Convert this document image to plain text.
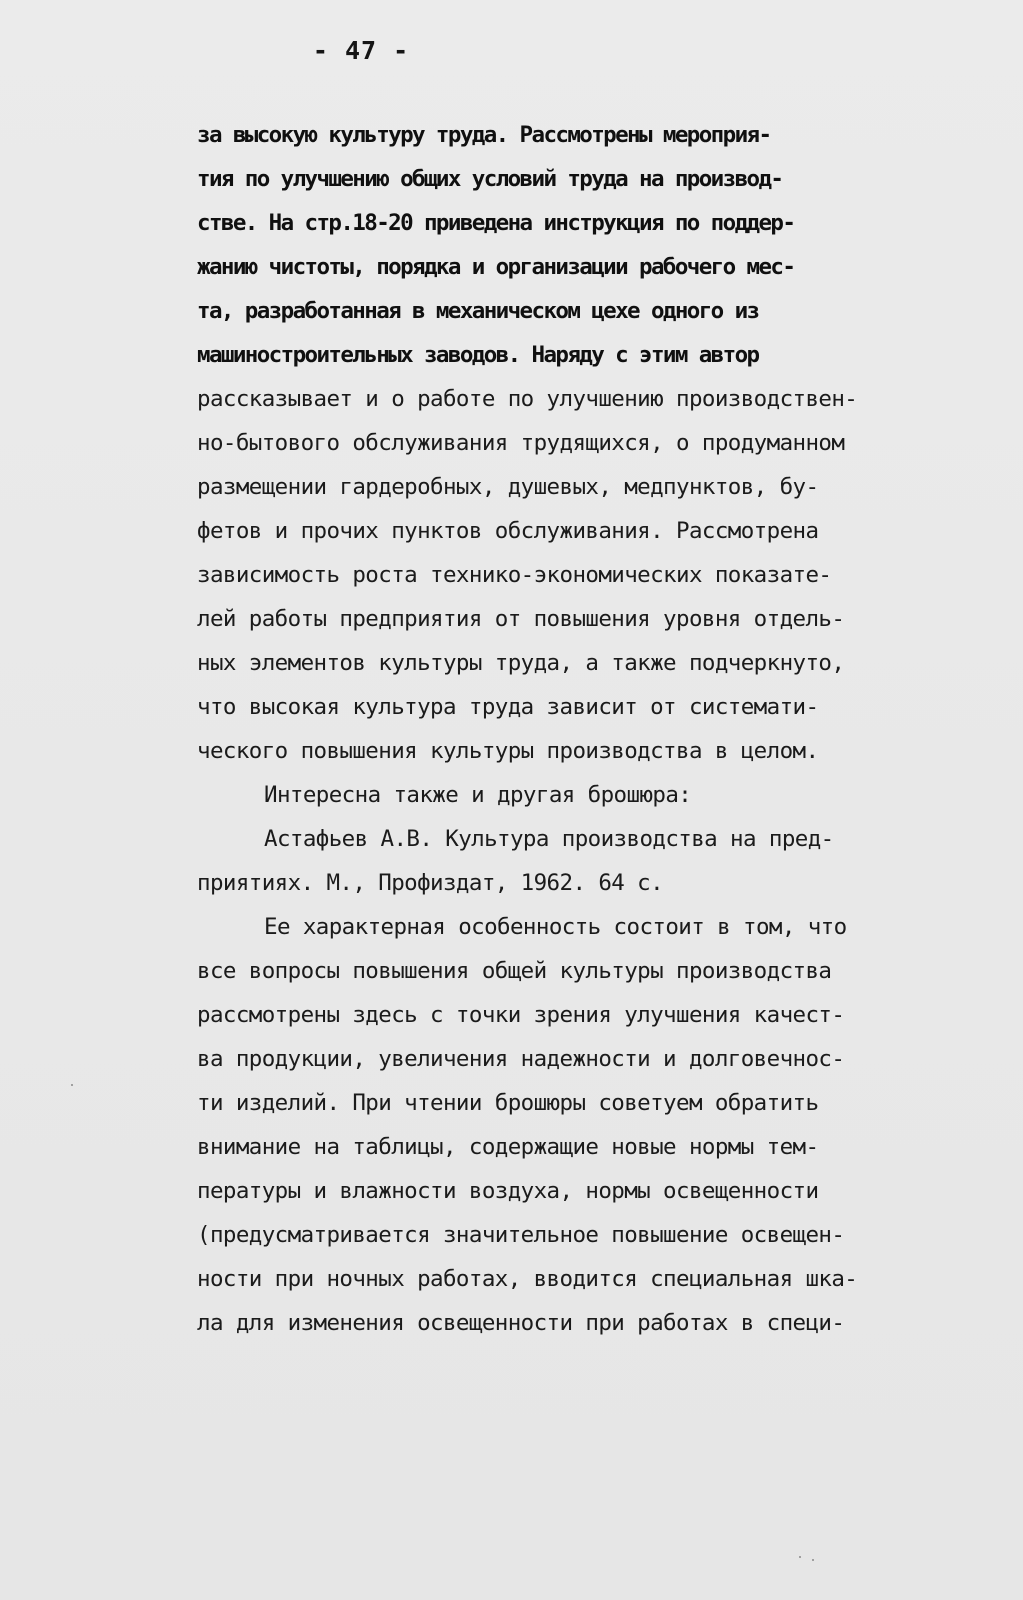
- 47 -
за высокую культуру труда. Рассмотрены мероприя-
тия по улучшению общих условий труда на производ-
стве. На стр.18-20 приведена инструкция по поддер-
жанию чистоты, порядка и организации рабочего мес-
та, разработанная в механическом цехе одного из
машиностроительных заводов. Наряду с этим автор
рассказывает и о работе по улучшению производствен-
но-бытового обслуживания трудящихся, о продуманном
размещении гардеробных, душевых, медпунктов, бу-
фетов и прочих пунктов обслуживания. Рассмотрена
зависимость роста технико-экономических показате-
лей работы предприятия от повышения уровня отдель-
ных элементов культуры труда, а также подчеркнуто,
что высокая культура труда зависит от системати-
ческого повышения культуры производства в целом.
Интересна также и другая брошюра:
Астафьев А.В. Культура производства на пред-
приятиях. М., Профиздат, 1962. 64 с.
Ее характерная особенность состоит в том, что
все вопросы повышения общей культуры производства
рассмотрены здесь с точки зрения улучшения качест-
ва продукции, увеличения надежности и долговечнос-
ти изделий. При чтении брошюры советуем обратить
внимание на таблицы, содержащие новые нормы тем-
пературы и влажности воздуха, нормы освещенности
(предусматривается значительное повышение освещен-
ности при ночных работах, вводится специальная шка-
ла для изменения освещенности при работах в специ-
